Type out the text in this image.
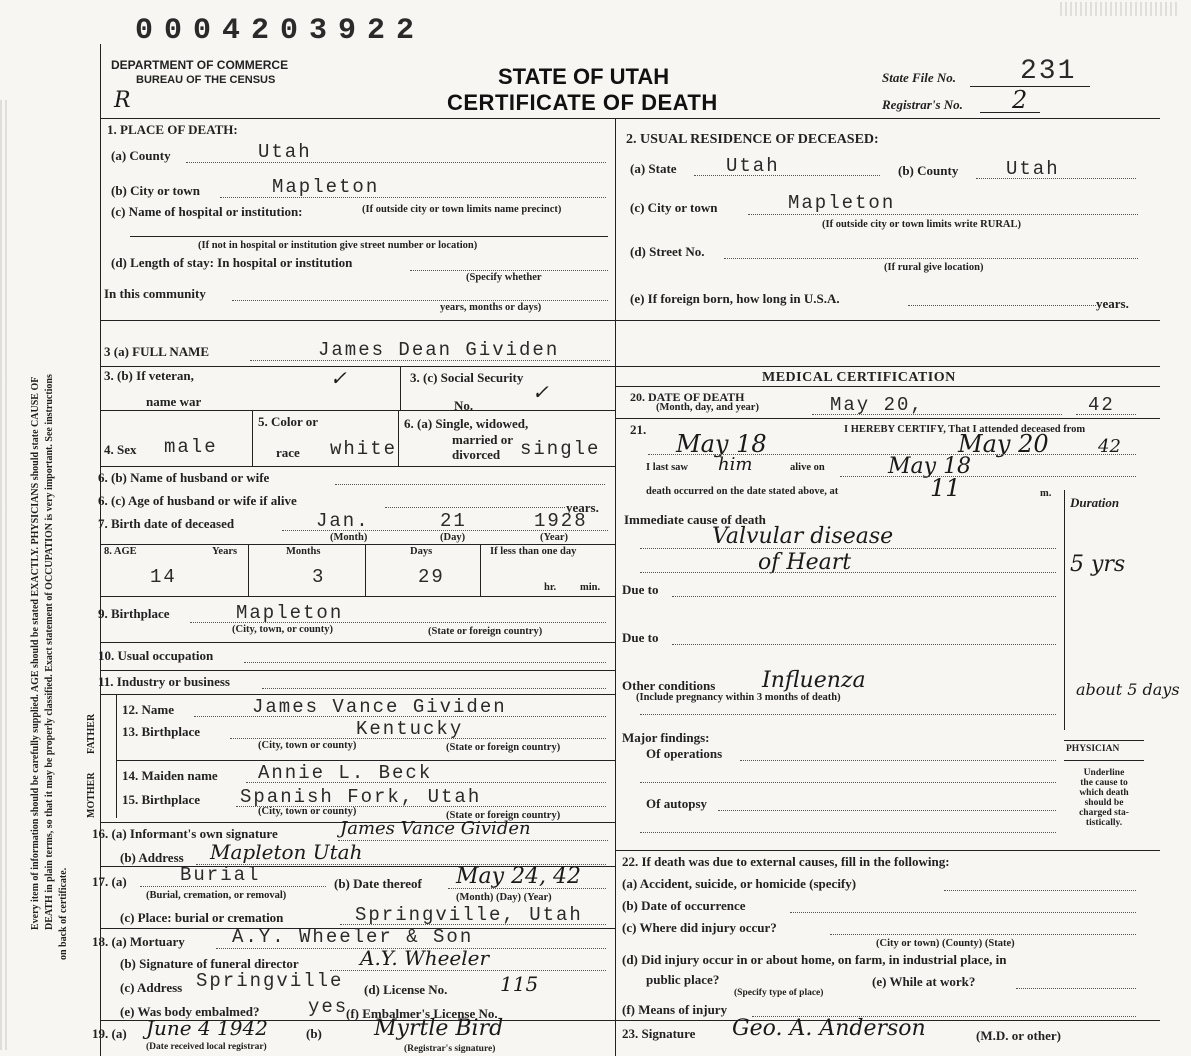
0004203922
DEPARTMENT OF COMMERCE
BUREAU OF THE CENSUS
R
STATE OF UTAH
CERTIFICATE OF DEATH
State File No. 231
Registrar's No. 2
Every item of information should be carefully supplied. AGE should be stated EXACTLY. PHYSICIANS should state CAUSE OF DEATH in plain terms, so that it may be properly classified. Exact statement of OCCUPATION is very important. See instructions on back of certificate.
1. PLACE OF DEATH:
(a) County	Utah
(b) City or town	Mapleton
(c) Name of hospital or institution:	(If outside city or town limits name precinct)
(If not in hospital or institution give street number or location)
(d) Length of stay: In hospital or institution
(Specify whether
In this community
years, months or days)
2. USUAL RESIDENCE OF DECEASED:
(a) State	Utah	(b) County	Utah
(c) City or town	Mapleton
(If outside city or town limits write RURAL)
(d) Street No.
(If rural give location)
(e) If foreign born, how long in U.S.A.	years.
3 (a) FULL NAME	James Dean Gividen
3. (b) If veteran,
name war
3. (c) Social Security
No.
MEDICAL CERTIFICATION
4. Sex male
5. Color or
race white
6. (a) Single, widowed,
married or
divorced single
6. (b) Name of husband or wife
6. (c) Age of husband or wife if alive	years.
7. Birth date of deceased	Jan.	21	1928
(Month)	(Day)	(Year)
8. AGE	Years	Months	Days	If less than one day
14	3	29	hr. min.
9. Birthplace	Mapleton
(City, town, or county)	(State or foreign country)
10. Usual occupation
11. Industry or business
FATHER
MOTHER
12. Name	James Vance Gividen
13. Birthplace	Kentucky
(City, town or county)	(State or foreign country)
14. Maiden name Annie L. Beck
15. Birthplace Spanish Fork, Utah
(City, town or county)	(State or foreign country)
16. (a) Informant's own signature	James Vance Gividen
(b) Address Mapleton Utah
17. (a)	Burial
(Burial, cremation, or removal)
(b) Date thereof May 24, 42
(Month) (Day) (Year)
(c) Place: burial or cremation	Springville, Utah
18. (a) Mortuary A.Y. Wheeler & Son
(b) Signature of funeral director	A.Y. Wheeler
(c) Address Springville (d) License No.	115
(e) Was body embalmed?	yes
(f) Embalmer's License No.
19. (a) June 4 1942	(b) Myrtle Bird
(Date received local registrar)	(Registrar's signature)
20. DATE OF DEATH
(Month, day, and year)	May 20,	42
21.	I HEREBY CERTIFY, That I attended deceased from
May 18	May 20	42
I last saw him	alive on	May 18
death occurred on the date stated above, at	11	m.
Duration
Immediate cause of death
Valvular disease
of Heart	5 yrs
Due to
Due to
Other conditions Influenza
(Include pregnancy within 3 months of death)	about 5 days
Major findings:
Of operations
Of autopsy
PHYSICIAN
Underline
the cause to
which death
should be
charged sta-
tistically.
22. If death was due to external causes, fill in the following:
(a) Accident, suicide, or homicide (specify)
(b) Date of occurrence
(c) Where did injury occur?
(City or town) (County) (State)
(d) Did injury occur in or about home, on farm, in industrial place, in
public place?
(Specify type of place)
(e) While at work?
(f) Means of injury
23. Signature Geo. A. Anderson	(M.D. or other)
✓
✓
